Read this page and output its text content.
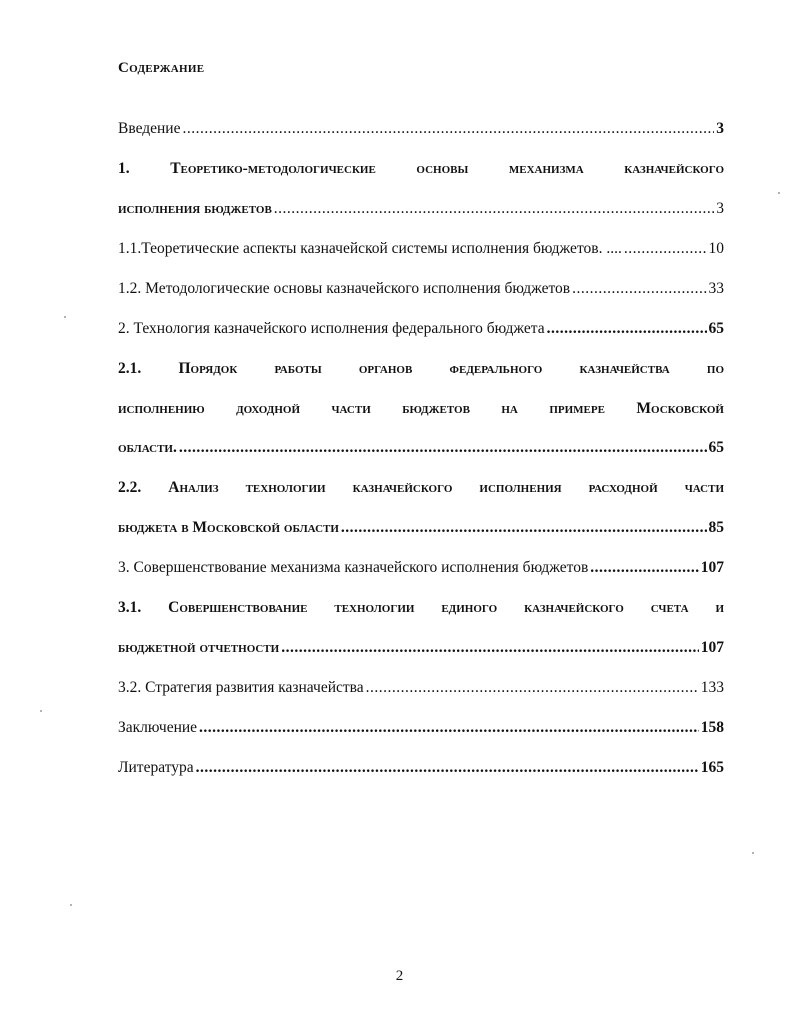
Содержание
Введение .....	3
1. Теоретико-методологические основы механизма казначейского
исполнения бюджетов .....	3
1.1.Теоретические аспекты казначейской системы исполнения бюджетов. .... .....	10
1.2. Методологические основы казначейского исполнения бюджетов .....	33
2. Технология казначейского исполнения федерального бюджета .....	65
2.1. Порядок работы органов федерального казначейства по
исполнению доходной части бюджетов на примере Московской
области. .....	65
2.2. Анализ технологии казначейского исполнения расходной части
бюджета в Московской области .....	85
3. Совершенствование механизма казначейского исполнения бюджетов .....	107
3.1. Совершенствование технологии единого казначейского счета и
бюджетной отчетности .....	107
3.2. Стратегия развития казначейства .....	133
Заключение .....	158
Литература .....	165
2
